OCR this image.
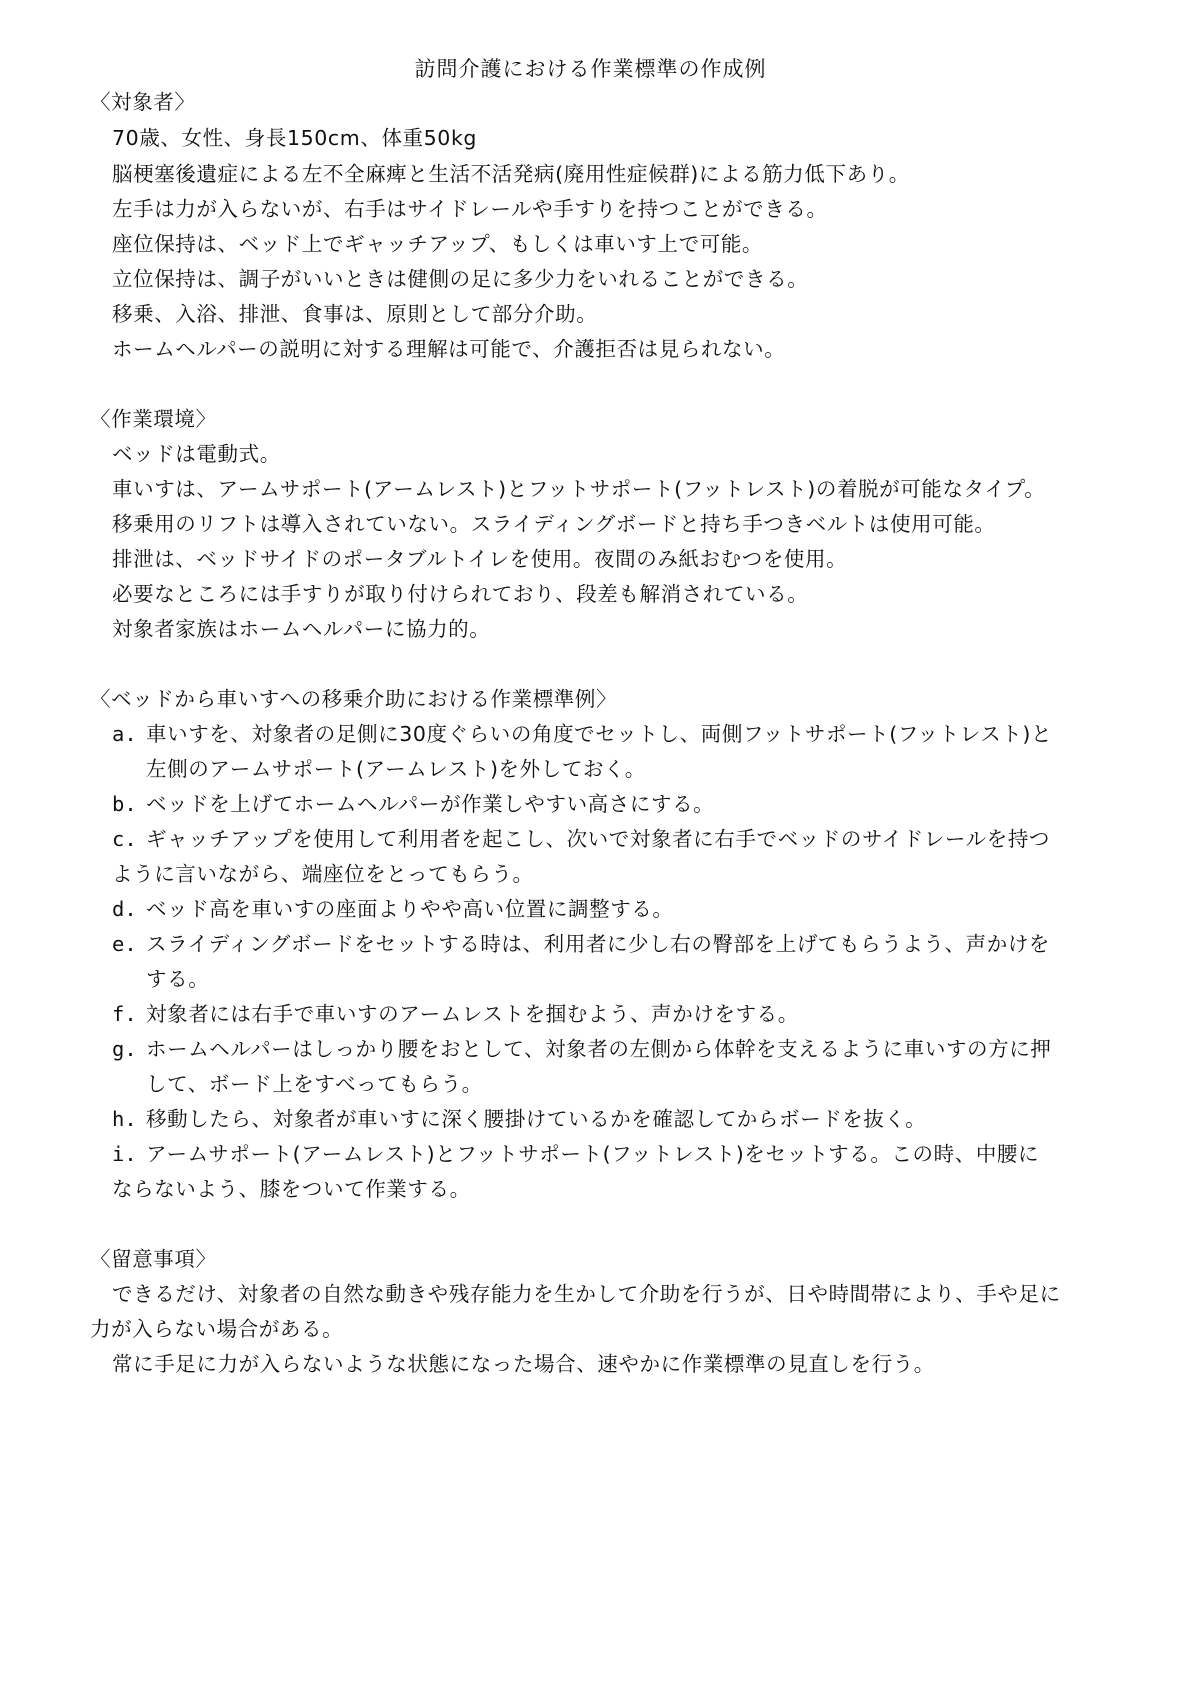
訪問介護における作業標準の作成例
〈対象者〉
70歳、女性、身長150cm、体重50kg
脳梗塞後遺症による左不全麻痺と生活不活発病(廃用性症候群)による筋力低下あり。
左手は力が入らないが、右手はサイドレールや手すりを持つことができる。
座位保持は、ベッド上でギャッチアップ、もしくは車いす上で可能。
立位保持は、調子がいいときは健側の足に多少力をいれることができる。
移乗、入浴、排泄、食事は、原則として部分介助。
ホームヘルパーの説明に対する理解は可能で、介護拒否は見られない。
〈作業環境〉
ベッドは電動式。
車いすは、アームサポート(アームレスト)とフットサポート(フットレスト)の着脱が可能なタイプ。
移乗用のリフトは導入されていない。スライディングボードと持ち手つきベルトは使用可能。
排泄は、ベッドサイドのポータブルトイレを使用。夜間のみ紙おむつを使用。
必要なところには手すりが取り付けられており、段差も解消されている。
対象者家族はホームヘルパーに協力的。
〈ベッドから車いすへの移乗介助における作業標準例〉
a. 車いすを、対象者の足側に30度ぐらいの角度でセットし、両側フットサポート(フットレスト)と
左側のアームサポート(アームレスト)を外しておく。
b. ベッドを上げてホームヘルパーが作業しやすい高さにする。
c. ギャッチアップを使用して利用者を起こし、次いで対象者に右手でベッドのサイドレールを持つ
ように言いながら、端座位をとってもらう。
d. ベッド高を車いすの座面よりやや高い位置に調整する。
e. スライディングボードをセットする時は、利用者に少し右の臀部を上げてもらうよう、声かけを
する。
f. 対象者には右手で車いすのアームレストを掴むよう、声かけをする。
g. ホームヘルパーはしっかり腰をおとして、対象者の左側から体幹を支えるように車いすの方に押
して、ボード上をすべってもらう。
h. 移動したら、対象者が車いすに深く腰掛けているかを確認してからボードを抜く。
i. アームサポート(アームレスト)とフットサポート(フットレスト)をセットする。この時、中腰に
ならないよう、膝をついて作業する。
〈留意事項〉
できるだけ、対象者の自然な動きや残存能力を生かして介助を行うが、日や時間帯により、手や足に
力が入らない場合がある。
常に手足に力が入らないような状態になった場合、速やかに作業標準の見直しを行う。
